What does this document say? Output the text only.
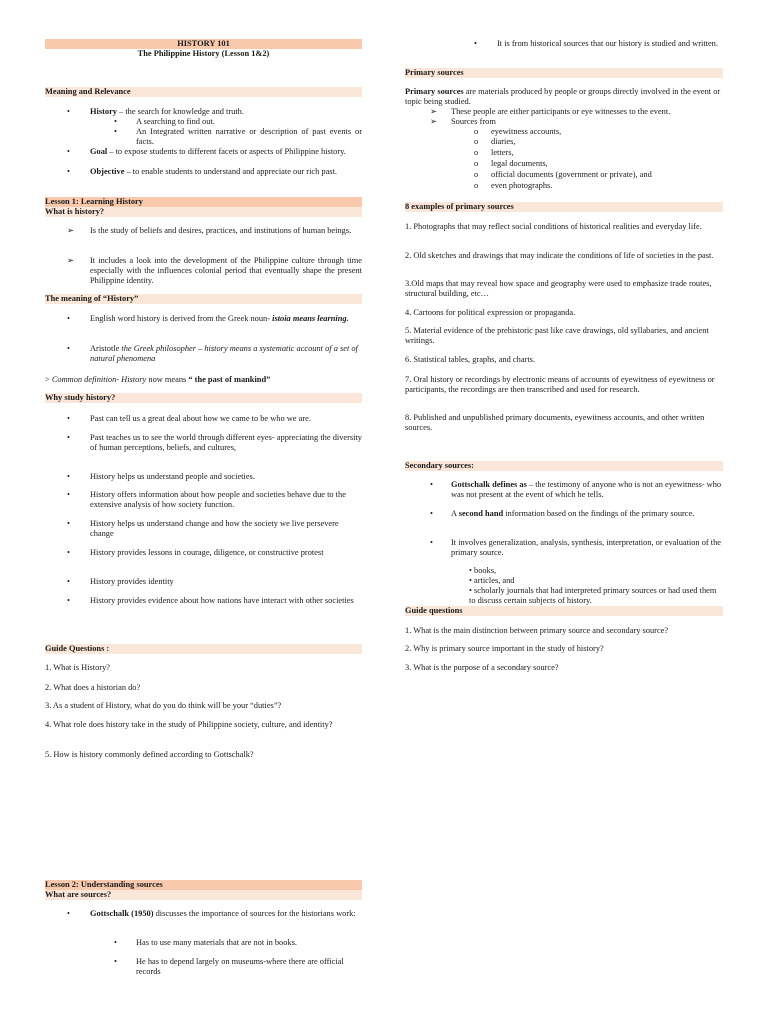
HISTORY 101
The Philippine History (Lesson 1&2)
Meaning and Relevance
• History – the search for knowledge and truth.
• A searching to find out.
• An Integrated written narrative or description of past events or facts.
• Goal – to expose students to different facets or aspects of Philippine history.
• Objective – to enable students to understand and appreciate our rich past.
Lesson 1: Learning History
What is history?
➢ Is the study of beliefs and desires, practices, and institutions of human beings.
➢ It includes a look into the development of the Philippine culture through time especially with the influences colonial period that eventually shape the present Philippine identity.
The meaning of “History”
• English word history is derived from the Greek noun- istoia means learning.
• Aristotle the Greek philosopher – history means a systematic account of a set of natural phenomena
> Common definition- History now means “ the past of mankind”
Why study history?
• Past can tell us a great deal about how we came to be who we are.
• Past teaches us to see the world through different eyes- appreciating the diversity of human perceptions, beliefs, and cultures,
• History helps us understand people and societies.
• History offers information about how people and societies behave due to the extensive analysis of how society function.
• History helps us understand change and how the society we live persevere change
• History provides lessons in courage, diligence, or constructive protest
• History provides identity
• History provides evidence about how nations have interact with other societies
Guide Questions :
1. What is History?
2. What does a historian do?
3. As a student of History, what do you do think will be your “duties”?
4. What role does history take in the study of Philippine society, culture, and identity?
5. How is history commonly defined according to Gottschalk?
Lesson 2: Understanding sources
What are sources?
• Gottschalk (1950) discusses the importance of sources for the historians work:
• Has to use many materials that are not in books.
• He has to depend largely on museums-where there are official records
• It is from historical sources that our history is studied and written.
Primary sources
Primary sources are materials produced by people or groups directly involved in the event or topic being studied.
➢ These people are either participants or eye witnesses to the event.
➢ Sources from
o eyewitness accounts,
o diaries,
o letters,
o legal documents,
o official documents (government or private), and
o even photographs.
8 examples of primary sources
1. Photographs that may reflect social conditions of historical realities and everyday life.
2. Old sketches and drawings that may indicate the conditions of life of societies in the past.
3.Old maps that may reveal how space and geography were used to emphasize trade routes, structural building, etc…
4. Cartoons for political expression or propaganda.
5. Material evidence of the prehistoric past like cave drawings, old syllabaries, and ancient writings.
6. Statistical tables, graphs, and charts.
7. Oral history or recordings by electronic means of accounts of eyewitness of eyewitness or participants, the recordings are then transcribed and used for research.
8. Published and unpublished primary documents, eyewitness accounts, and other written sources.
Secondary sources:
• Gottschalk defines as – the testimony of anyone who is not an eyewitness- who was not present at the event of which he tells.
• A second hand information based on the findings of the primary source.
• It involves generalization, analysis, synthesis, interpretation, or evaluation of the primary source.
• books,
• articles, and
• scholarly journals that had interpreted primary sources or had used them to discuss certain subjects of history.
Guide questions
1. What is the main distinction between primary source and secondary source?
2. Why is primary source important in the study of history?
3. What is the purpose of a secondary source?
